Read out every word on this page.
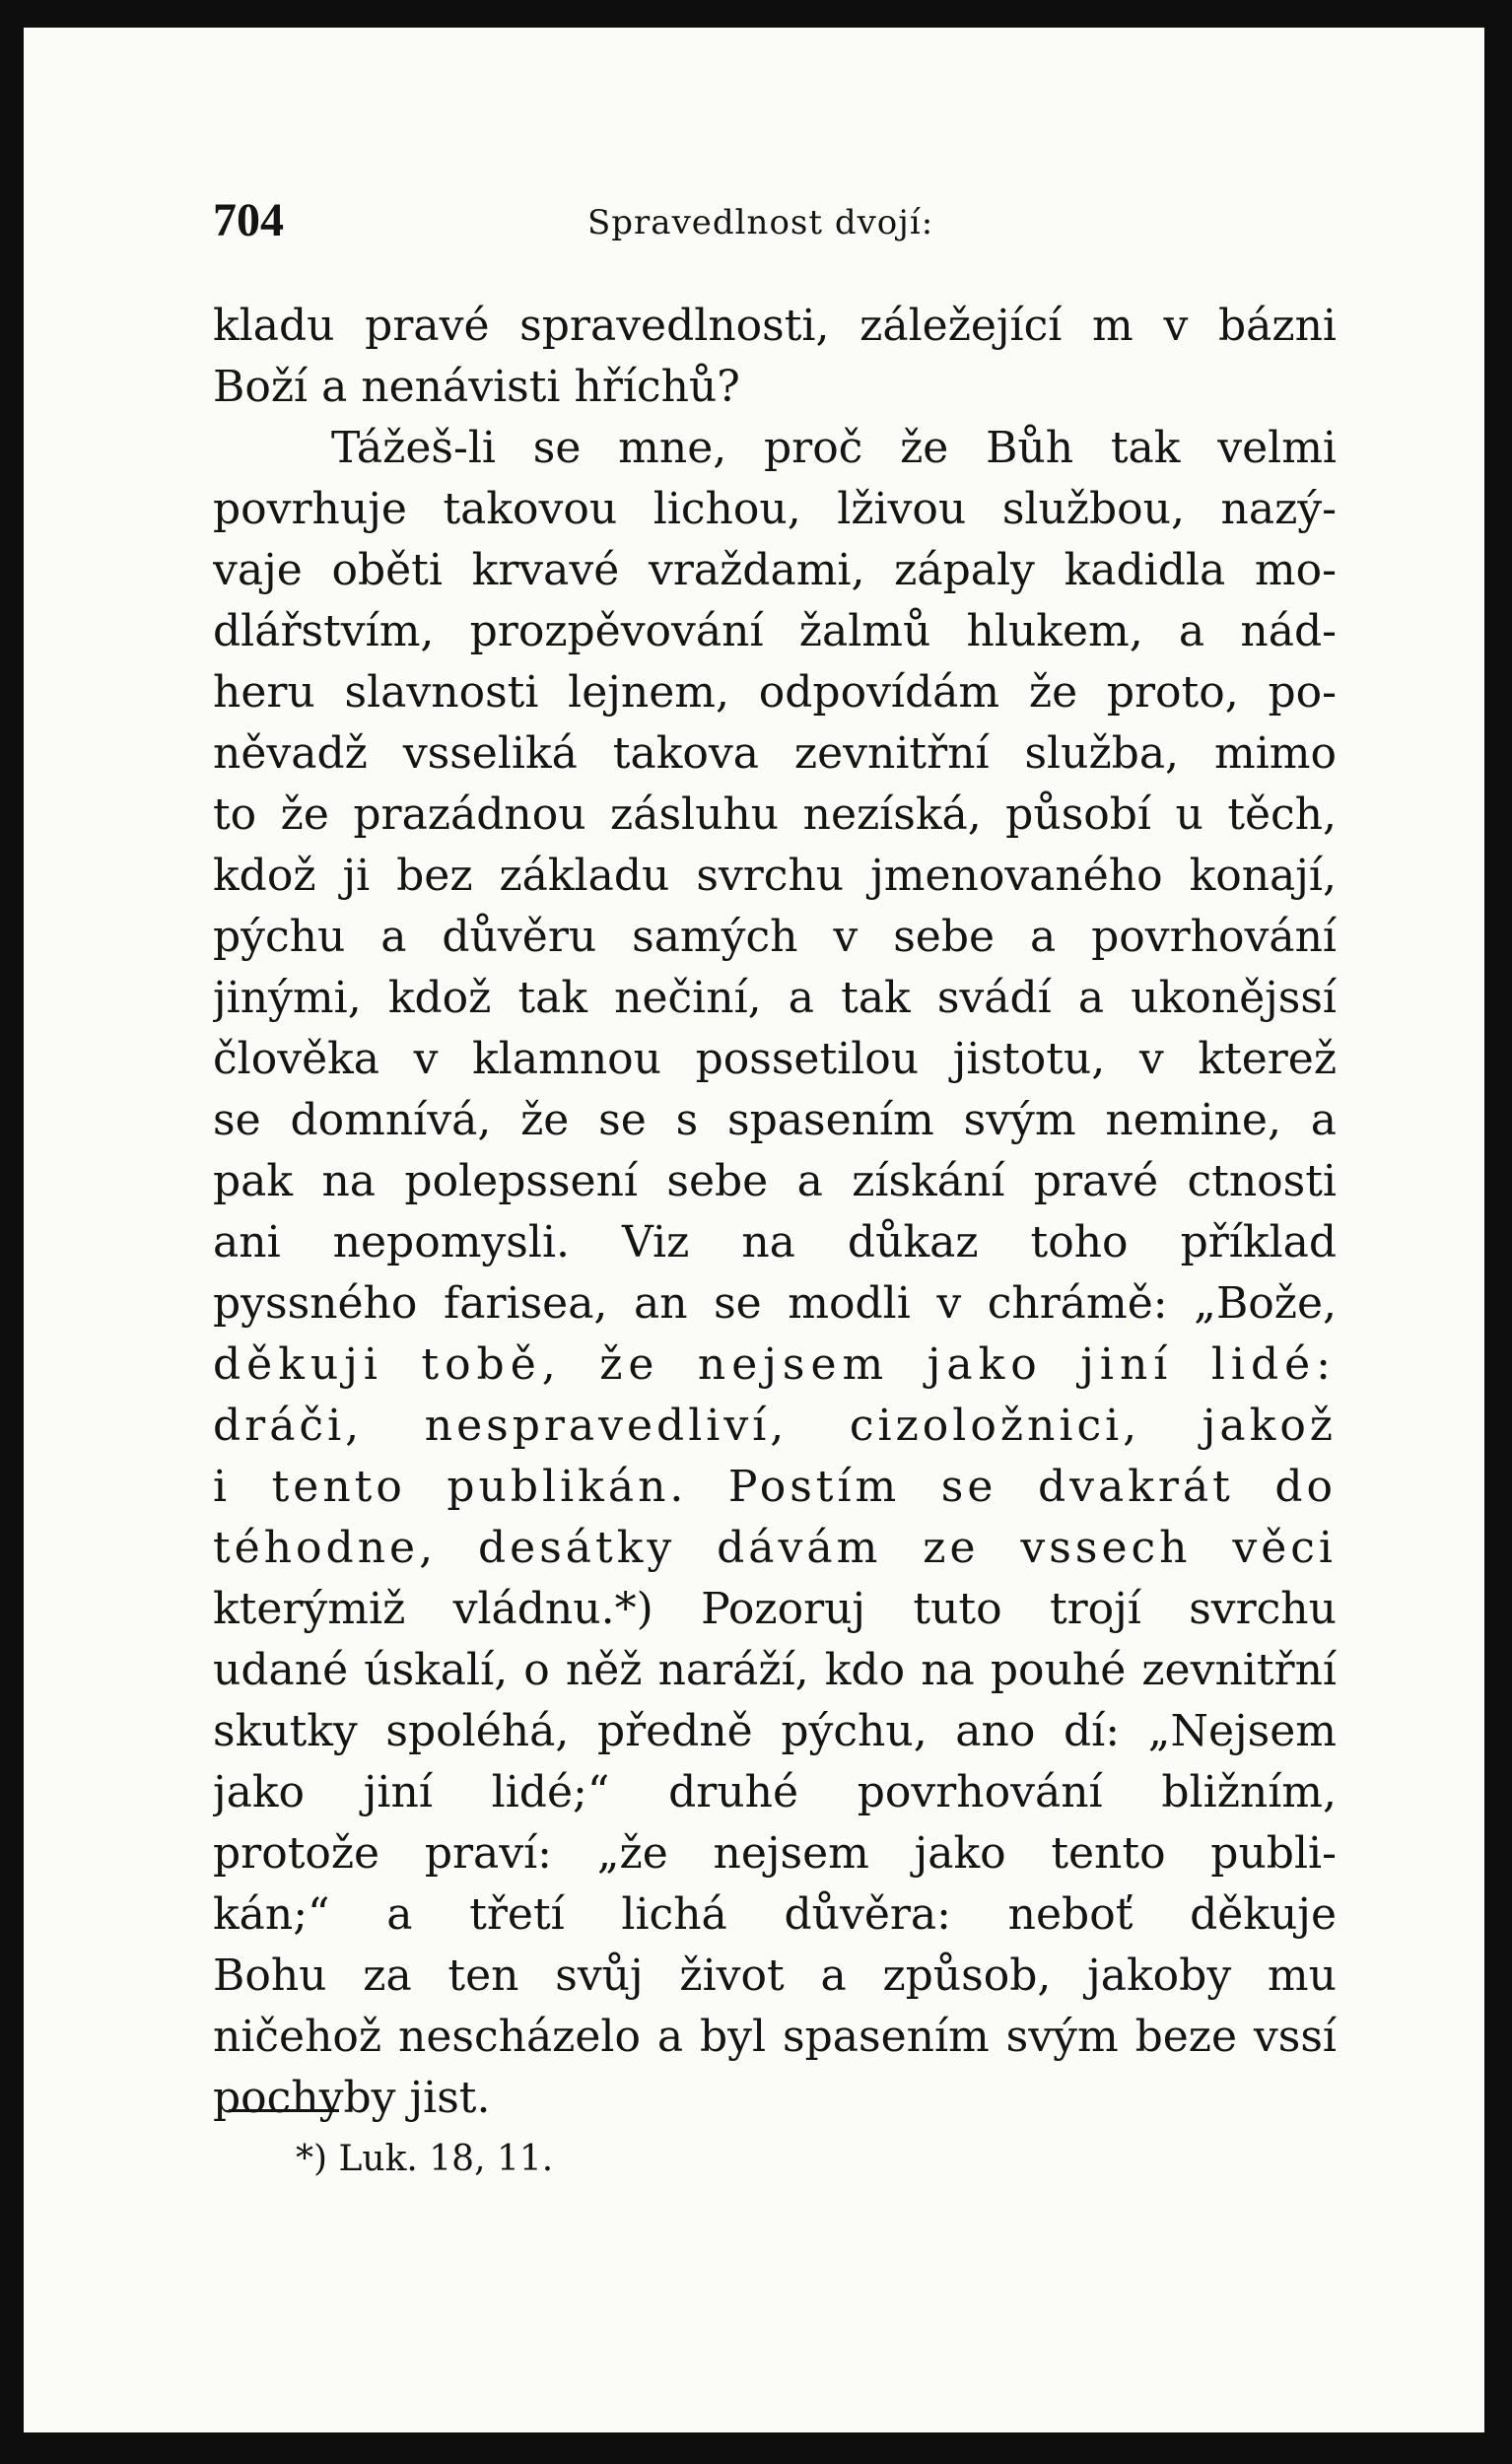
704	Spravedlnost dvojí:
kladu pravé spravedlnosti, záležející m v bázni
Boží a nenávisti hříchů?
Tážeš-li se mne, proč že Bůh tak velmi
povrhuje takovou lichou, lživou službou, nazý-
vaje oběti krvavé vraždami, zápaly kadidla mo-
dlářstvím, prozpěvování žalmů hlukem, a nád-
heru slavnosti lejnem, odpovídám že proto, po-
něvadž vsseliká takova zevnitřní služba, mimo
to že prazádnou zásluhu nezíská, působí u těch,
kdož ji bez základu svrchu jmenovaného konají,
pýchu a důvěru samých v sebe a povrhování
jinými, kdož tak nečiní, a tak svádí a ukonějssí
člověka v klamnou possetilou jistotu, v kterež
se domnívá, že se s spasením svým nemine, a
pak na polepssení sebe a získání pravé ctnosti
ani nepomysli. Viz na důkaz toho příklad
pyssného farisea, an se modli v chrámě: „Bože,
děkuji tobě, že nejsem jako jiní lidé:
dráči, nespravedliví, cizoložnici, jakož
i tento publikán. Postím se dvakrát do
téhodne, desátky dávám ze vssech věci
kterýmiž vládnu.*) Pozoruj tuto trojí svrchu
udané úskalí, o něž naráží, kdo na pouhé zevnitřní
skutky spoléhá, předně pýchu, ano dí: „Nejsem
jako jiní lidé;“ druhé povrhování bližním,
protože praví: „že nejsem jako tento publi-
kán;“ a třetí lichá důvěra: neboť děkuje
Bohu za ten svůj život a způsob, jakoby mu
ničehož nescházelo a byl spasením svým beze vssí
pochyby jist.
*) Luk. 18, 11.
